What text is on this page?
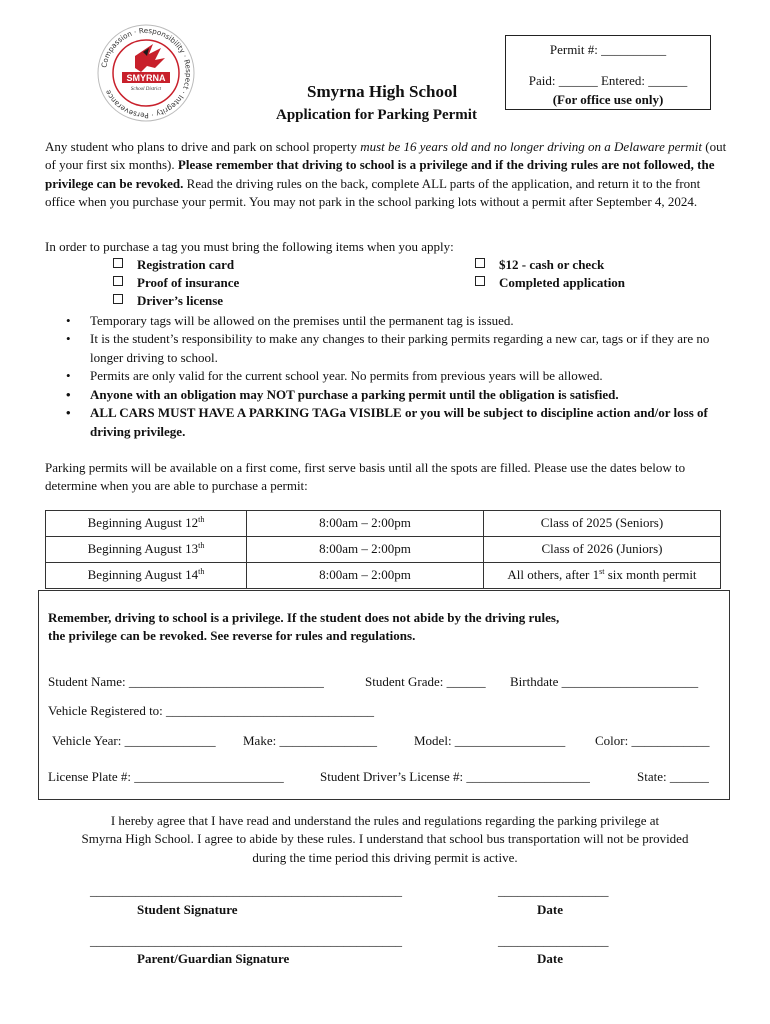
Compassion · Responsibility · Respect · Integrity · Perseverance
SMYRNA
School District
Permit #: __________
Paid: ______ Entered: ______
(For office use only)
Smyrna High School
Application for Parking Permit
Any student who plans to drive and park on school property must be 16 years old and no longer driving on a Delaware permit (out of your first six months). Please remember that driving to school is a privilege and if the driving rules are not followed, the privilege can be revoked. Read the driving rules on the back, complete ALL parts of the application, and return it to the front office when you purchase your permit. You may not park in the school parking lots without a permit after September 4, 2024.
In order to purchase a tag you must bring the following items when you apply:
Registration card
Proof of insurance
Driver’s license
$12 - cash or check
Completed application
• Temporary tags will be allowed on the premises until the permanent tag is issued.
• It is the student’s responsibility to make any changes to their parking permits regarding a new car, tags or if they are no longer driving to school.
• Permits are only valid for the current school year. No permits from previous years will be allowed.
• Anyone with an obligation may NOT purchase a parking permit until the obligation is satisfied.
• ALL CARS MUST HAVE A PARKING TAGa VISIBLE or you will be subject to discipline action and/or loss of driving privilege.
Parking permits will be available on a first come, first serve basis until all the spots are filled. Please use the dates below to determine when you are able to purchase a permit:
Beginning August 12th	8:00am – 2:00pm	Class of 2025 (Seniors)
Beginning August 13th	8:00am – 2:00pm	Class of 2026 (Juniors)
Beginning August 14th	8:00am – 2:00pm	All others, after 1st six month permit
Remember, driving to school is a privilege. If the student does not abide by the driving rules,
the privilege can be revoked. See reverse for rules and regulations.
Student Name: ______________________________	Student Grade: ______ Birthdate _____________________
Vehicle Registered to: ________________________________
Vehicle Year: ______________ Make: _______________	Model: _________________ Color: ____________
License Plate #: _______________________	Student Driver’s License #: ___________________	State: ______
I hereby agree that I have read and understand the rules and regulations regarding the parking privilege at
Smyrna High School. I agree to abide by these rules. I understand that school bus transportation will not be provided
during the time period this driving permit is active.
________________________________________________
Student Signature
_________________
Date
________________________________________________
Parent/Guardian Signature
_________________
Date
